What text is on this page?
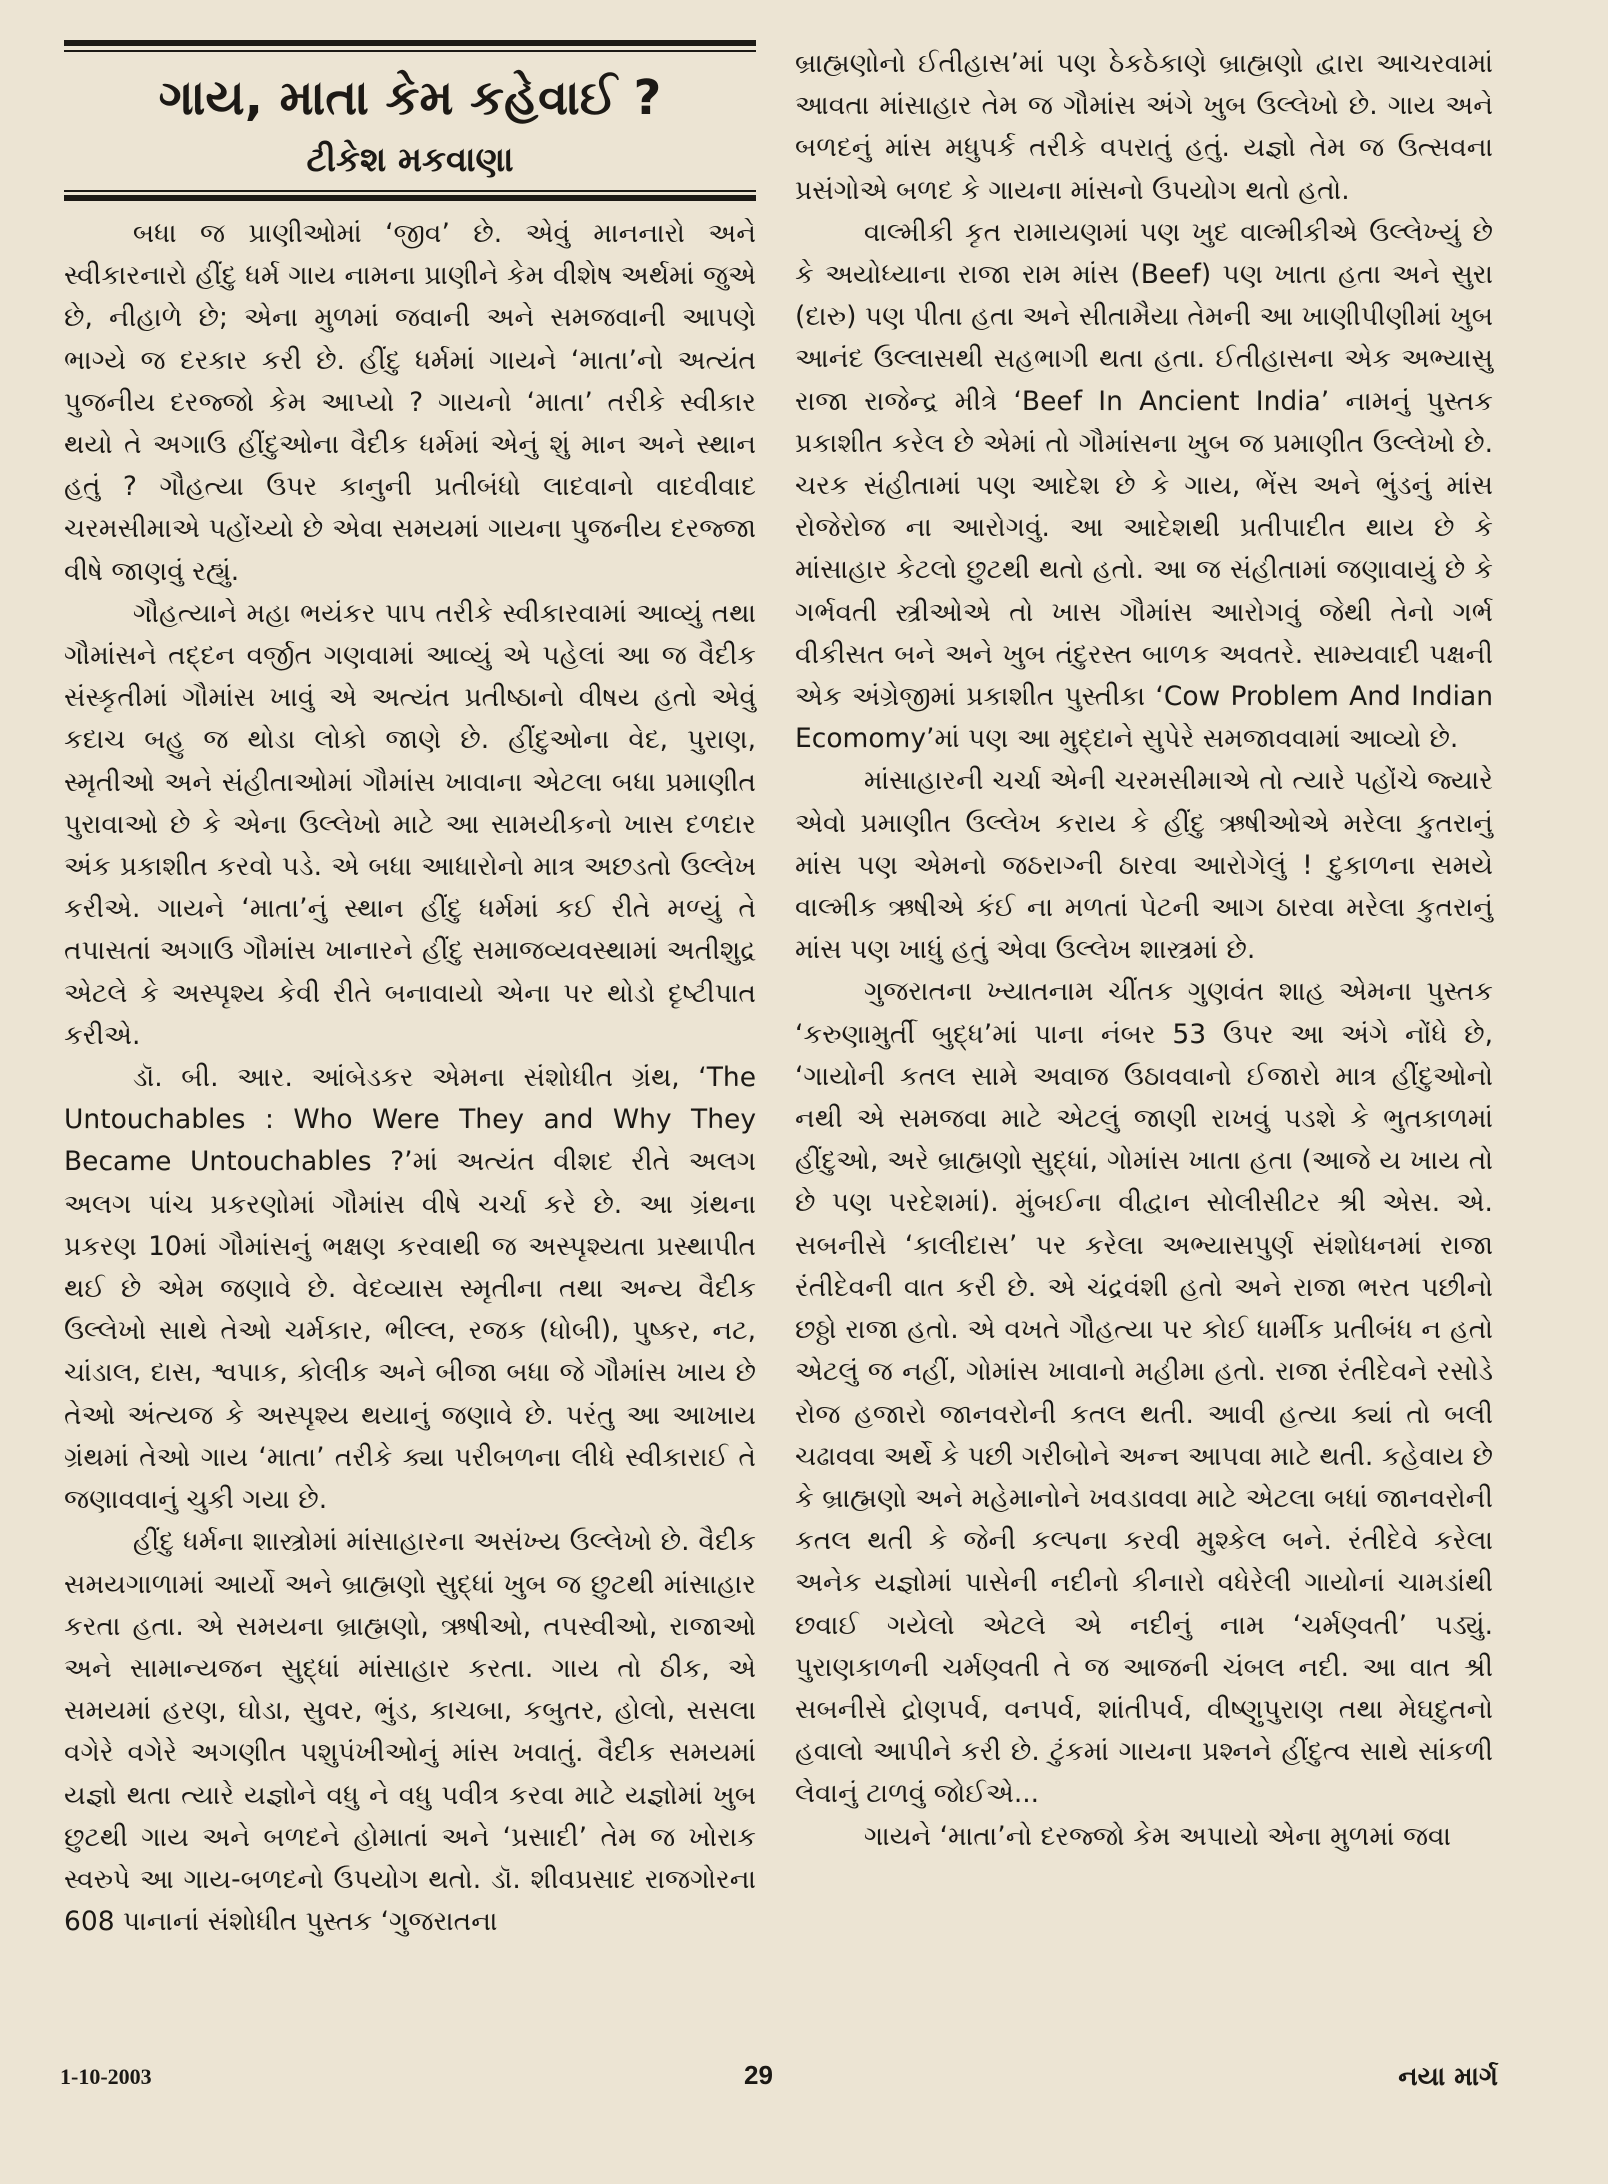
ગાય, માતા કેમ કહેવાઈ ?
ટીકેશ મકવાણા

બધા જ પ્રાણીઓમાં ‘જીવ’ છે. એવું માનનારો અને સ્વીકારનારો હીંદુ ધર્મ ગાય નામના પ્રાણીને કેમ વીશેષ અર્થમાં જુએ છે, નીહાળે છે; એના મુળમાં જવાની અને સમજવાની આપણે ભાગ્યે જ દરકાર કરી છે. હીંદુ ધર્મમાં ગાયને ‘માતા’નો અત્યંત પુજનીય દરજ્જો કેમ આપ્યો ? ગાયનો ‘માતા’ તરીકે સ્વીકાર થયો તે અગાઉ હીંદુઓના વૈદીક ધર્મમાં એનું શું માન અને સ્થાન હતું ? ગૌહત્યા ઉપર કાનુની પ્રતીબંધો લાદવાનો વાદવીવાદ ચરમસીમાએ પહોંચ્યો છે એવા સમયમાં ગાયના પુજનીય દરજ્જા વીષે જાણવું રહ્યું.

ગૌહત્યાને મહા ભયંકર પાપ તરીકે સ્વીકારવામાં આવ્યું તથા ગૌમાંસને તદ્દન વર્જીત ગણવામાં આવ્યું એ પહેલાં આ જ વૈદીક સંસ્કૃતીમાં ગૌમાંસ ખાવું એ અત્યંત પ્રતીષ્ઠાનો વીષય હતો એવું કદાચ બહુ જ થોડા લોકો જાણે છે. હીંદુઓના વેદ, પુરાણ, સ્મૃતીઓ અને સંહીતાઓમાં ગૌમાંસ ખાવાના એટલા બધા પ્રમાણીત પુરાવાઓ છે કે એના ઉલ્લેખો માટે આ સામયીકનો ખાસ દળદાર અંક પ્રકાશીત કરવો પડે. એ બધા આધારોનો માત્ર અછડતો ઉલ્લેખ કરીએ. ગાયને ‘માતા’નું સ્થાન હીંદુ ધર્મમાં કઈ રીતે મળ્યું તે તપાસતાં અગાઉ ગૌમાંસ ખાનારને હીંદુ સમાજવ્યવસ્થામાં અતીશુદ્ર એટલે કે અસ્પૃશ્ય કેવી રીતે બનાવાયો એના પર થોડો દૃષ્ટીપાત કરીએ.

ડૉ. બી. આર. આંબેડકર એમના સંશોધીત ગ્રંથ, ‘The Untouchables : Who Were They and Why They Became Untouchables ?’માં અત્યંત વીશદ રીતે અલગ અલગ પાંચ પ્રકરણોમાં ગૌમાંસ વીષે ચર્ચા કરે છે. આ ગ્રંથના પ્રકરણ 10માં ગૌમાંસનું ભક્ષણ કરવાથી જ અસ્પૃશ્યતા પ્રસ્થાપીત થઈ છે એમ જણાવે છે. વેદવ્યાસ સ્મૃતીના તથા અન્ય વૈદીક ઉલ્લેખો સાથે તેઓ ચર્મકાર, ભીલ્લ, રજક (ધોબી), પુષ્કર, નટ, ચાંડાલ, દાસ, શ્વપાક, કોલીક અને બીજા બધા જે ગૌમાંસ ખાય છે તેઓ અંત્યજ કે અસ્પૃશ્ય થયાનું જણાવે છે. પરંતુ આ આખાય ગ્રંથમાં તેઓ ગાય ‘માતા’ તરીકે ક્યા પરીબળના લીધે સ્વીકારાઈ તે જણાવવાનું ચુકી ગયા છે.

હીંદુ ધર્મના શાસ્ત્રોમાં માંસાહારના અસંખ્ય ઉલ્લેખો છે. વૈદીક સમયગાળામાં આર્યો અને બ્રાહ્મણો સુદ્ધાં ખુબ જ છુટથી માંસાહાર કરતા હતા. એ સમયના બ્રાહ્મણો, ઋષીઓ, તપસ્વીઓ, રાજાઓ અને સામાન્યજન સુદ્ધાં માંસાહાર કરતા. ગાય તો ઠીક, એ સમયમાં હરણ, ઘોડા, સુવર, ભુંડ, કાચબા, કબુતર, હોલો, સસલા વગેરે વગેરે અગણીત પશુપંખીઓનું માંસ ખવાતું. વૈદીક સમયમાં યજ્ઞો થતા ત્યારે યજ્ઞોને વધુ ને વધુ પવીત્ર કરવા માટે યજ્ઞોમાં ખુબ છુટથી ગાય અને બળદને હોમાતાં અને ‘પ્રસાદી’ તેમ જ ખોરાક સ્વરુપે આ ગાય-બળદનો ઉપયોગ થતો. ડૉ. શીવપ્રસાદ રાજગોરના 608 પાનાનાં સંશોધીત પુસ્તક ‘ગુજરાતના

બ્રાહ્મણોનો ઈતીહાસ’માં પણ ઠેકઠેકાણે બ્રાહ્મણો દ્વારા આચરવામાં આવતા માંસાહાર તેમ જ ગૌમાંસ અંગે ખુબ ઉલ્લેખો છે. ગાય અને બળદનું માંસ મધુપર્ક તરીકે વપરાતું હતું. યજ્ઞો તેમ જ ઉત્સવના પ્રસંગોએ બળદ કે ગાયના માંસનો ઉપયોગ થતો હતો.

વાલ્મીકી કૃત રામાયણમાં પણ ખુદ વાલ્મીકીએ ઉલ્લેખ્યું છે કે અયોધ્યાના રાજા રામ માંસ (Beef) પણ ખાતા હતા અને સુરા (દારુ) પણ પીતા હતા અને સીતામૈયા તેમની આ ખાણીપીણીમાં ખુબ આનંદ ઉલ્લાસથી સહભાગી થતા હતા. ઈતીહાસના એક અભ્યાસુ રાજા રાજેન્દ્ર મીત્રે ‘Beef In Ancient India’ નામનું પુસ્તક પ્રકાશીત કરેલ છે એમાં તો ગૌમાંસના ખુબ જ પ્રમાણીત ઉલ્લેખો છે. ચરક સંહીતામાં પણ આદેશ છે કે ગાય, ભેંસ અને ભુંડનું માંસ રોજેરોજ ના આરોગવું. આ આદેશથી પ્રતીપાદીત થાય છે કે માંસાહાર કેટલો છુટથી થતો હતો. આ જ સંહીતામાં જણાવાયું છે કે ગર્ભવતી સ્ત્રીઓએ તો ખાસ ગૌમાંસ આરોગવું જેથી તેનો ગર્ભ વીકીસત બને અને ખુબ તંદુરસ્ત બાળક અવતરે. સામ્યવાદી પક્ષની એક અંગ્રેજીમાં પ્રકાશીત પુસ્તીકા ‘Cow Problem And Indian Ecomomy’માં પણ આ મુદ્દાને સુપેરે સમજાવવામાં આવ્યો છે.

માંસાહારની ચર્ચા એની ચરમસીમાએ તો ત્યારે પહોંચે જ્યારે એવો પ્રમાણીત ઉલ્લેખ કરાય કે હીંદુ ઋષીઓએ મરેલા કુતરાનું માંસ પણ એમનો જઠરાગ્ની ઠારવા આરોગેલું ! દુકાળના સમયે વાલ્મીક ઋષીએ કંઈ ના મળતાં પેટની આગ ઠારવા મરેલા કુતરાનું માંસ પણ ખાધું હતું એવા ઉલ્લેખ શાસ્ત્રમાં છે.

ગુજરાતના ખ્યાતનામ ચીંતક ગુણવંત શાહ એમના પુસ્તક ‘કરુણામુર્તી બુદ્ધ’માં પાના નંબર 53 ઉપર આ અંગે નોંધે છે, ‘ગાયોની કતલ સામે અવાજ ઉઠાવવાનો ઈજારો માત્ર હીંદુઓનો નથી એ સમજવા માટે એટલું જાણી રાખવું પડશે કે ભુતકાળમાં હીંદુઓ, અરે બ્રાહ્મણો સુદ્ધાં, ગોમાંસ ખાતા હતા (આજે ય ખાય તો છે પણ પરદેશમાં). મુંબઈના વીદ્વાન સોલીસીટર શ્રી એસ. એ. સબનીસે ‘કાલીદાસ’ પર કરેલા અભ્યાસપુર્ણ સંશોધનમાં રાજા રંતીદેવની વાત કરી છે. એ ચંદ્રવંશી હતો અને રાજા ભરત પછીનો છઠ્ઠો રાજા હતો. એ વખતે ગૌહત્યા પર કોઈ ધાર્મીક પ્રતીબંધ ન હતો એટલું જ નહીં, ગોમાંસ ખાવાનો મહીમા હતો. રાજા રંતીદેવને રસોડે રોજ હજારો જાનવરોની કતલ થતી. આવી હત્યા ક્યાં તો બલી ચઢાવવા અર્થે કે પછી ગરીબોને અન્ન આપવા માટે થતી. કહેવાય છે કે બ્રાહ્મણો અને મહેમાનોને ખવડાવવા માટે એટલા બધાં જાનવરોની કતલ થતી કે જેની કલ્પના કરવી મુશ્કેલ બને. રંતીદેવે કરેલા અનેક યજ્ઞોમાં પાસેની નદીનો કીનારો વધેરેલી ગાયોનાં ચામડાંથી છવાઈ ગયેલો એટલે એ નદીનું નામ ‘ચર્મણ્વતી’ પડ્યું. પુરાણકાળની ચર્મણ્વતી તે જ આજની ચંબલ નદી. આ વાત શ્રી સબનીસે દ્રોણપર્વ, વનપર્વ, શાંતીપર્વ, વીષ્ણુપુરાણ તથા મેઘદુતનો હવાલો આપીને કરી છે. ટુંકમાં ગાયના પ્રશ્નને હીંદુત્વ સાથે સાંકળી લેવાનું ટાળવું જોઈએ...

ગાયને ‘માતા’નો દરજ્જો કેમ અપાયો એના મુળમાં જવા

1-10-2003	29	નયા માર્ગ
